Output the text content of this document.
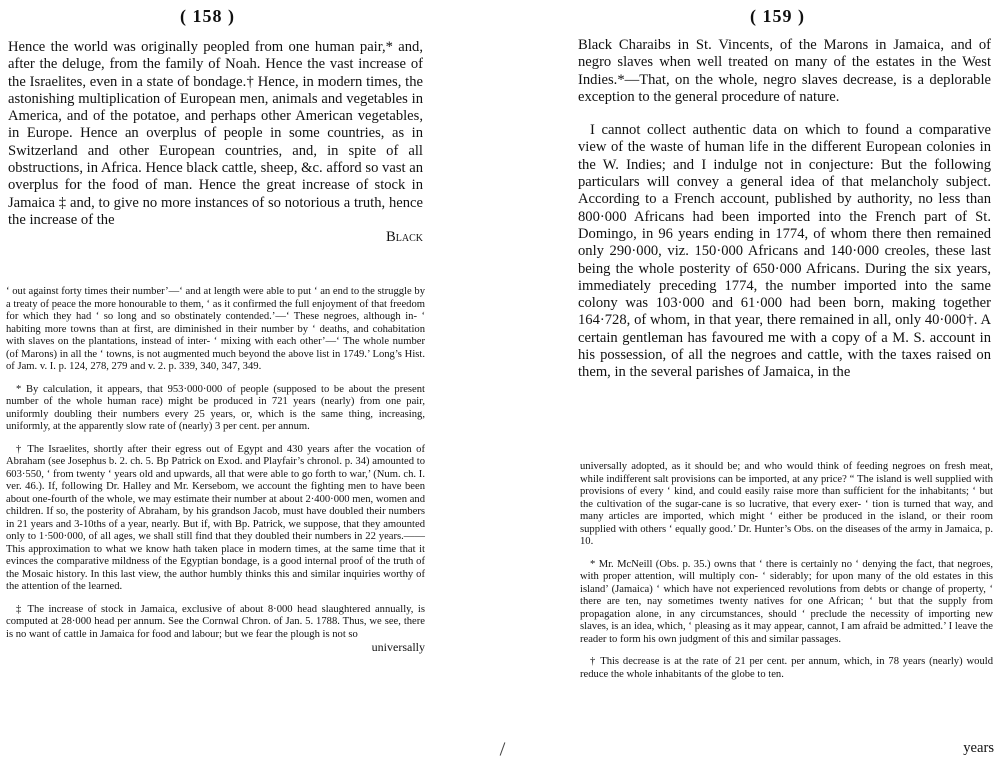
( 158 )

Hence the world was originally peopled from one human pair,* and, after the deluge, from the family of Noah. Hence the vast increase of the Israelites, even in a state of bondage.† Hence, in modern times, the astonishing multiplication of European men, animals and vegetables in America, and of the potatoe, and perhaps other American vegetables, in Europe. Hence an overplus of people in some countries, as in Switzerland and other European countries, and, in spite of all obstructions, in Africa. Hence black cattle, sheep, &c. afford so vast an overplus for the food of man. Hence the great increase of stock in Jamaica ‡ and, to give no more instances of so notorious a truth, hence the increase of the

Black

‘ out against forty times their number’—‘ and at length were able to put ‘ an end to the struggle by a treaty of peace the more honourable to them, ‘ as it confirmed the full enjoyment of that freedom for which they had ‘ so long and so obstinately contended.’—‘ These negroes, although in- ‘ habiting more towns than at first, are diminished in their number by ‘ deaths, and cohabitation with slaves on the plantations, instead of inter- ‘ mixing with each other’—‘ The whole number (of Marons) in all the ‘ towns, is not augmented much beyond the above list in 1749.’ Long’s Hist. of Jam. v. I. p. 124, 278, 279 and v. 2. p. 339, 340, 347, 349.

* By calculation, it appears, that 953·000·000 of people (supposed to be about the present number of the whole human race) might be produced in 721 years (nearly) from one pair, uniformly doubling their numbers every 25 years, or, which is the same thing, increasing, uniformly, at the apparently slow rate of (nearly) 3 per cent. per annum.

† The Israelites, shortly after their egress out of Egypt and 430 years after the vocation of Abraham (see Josephus b. 2. ch. 5. Bp Patrick on Exod. and Playfair’s chronol. p. 34) amounted to 603·550, ‘ from twenty ‘ years old and upwards, all that were able to go forth to war,’ (Num. ch. I. ver. 46.). If, following Dr. Halley and Mr. Kersebom, we account the fighting men to have been about one-fourth of the whole, we may estimate their number at about 2·400·000 men, women and children. If so, the posterity of Abraham, by his grandson Jacob, must have doubled their numbers in 21 years and 3-10ths of a year, nearly. But if, with Bp. Patrick, we suppose, that they amounted only to 1·500·000, of all ages, we shall still find that they doubled their numbers in 22 years.—— This approximation to what we know hath taken place in modern times, at the same time that it evinces the comparative mildness of the Egyptian bondage, is a good internal proof of the truth of the Mosaic history. In this last view, the author humbly thinks this and similar inquiries worthy of the attention of the learned.

‡ The increase of stock in Jamaica, exclusive of about 8·000 head slaughtered annually, is computed at 28·000 head per annum. See the Cornwal Chron. of Jan. 5. 1788. Thus, we see, there is no want of cattle in Jamaica for food and labour; but we fear the plough is not so

universally
( 159 )

Black Charaibs in St. Vincents, of the Marons in Jamaica, and of negro slaves when well treated on many of the estates in the West Indies.*—That, on the whole, negro slaves decrease, is a deplorable exception to the general procedure of nature.

I cannot collect authentic data on which to found a comparative view of the waste of human life in the different European colonies in the W. Indies; and I indulge not in conjecture: But the following particulars will convey a general idea of that melancholy subject. According to a French account, published by authority, no less than 800·000 Africans had been imported into the French part of St. Domingo, in 96 years ending in 1774, of whom there then remained only 290·000, viz. 150·000 Africans and 140·000 creoles, these last being the whole posterity of 650·000 Africans. During the six years, immediately preceding 1774, the number imported into the same colony was 103·000 and 61·000 had been born, making together 164·728, of whom, in that year, there remained in all, only 40·000†. A certain gentleman has favoured me with a copy of a M. S. account in his possession, of all the negroes and cattle, with the taxes raised on them, in the several parishes of Jamaica, in the

universally adopted, as it should be; and who would think of feeding negroes on fresh meat, while indifferent salt provisions can be imported, at any price? “ The island is well supplied with provisions of every ‘ kind, and could easily raise more than sufficient for the inhabitants; ‘ but the cultivation of the sugar-cane is so lucrative, that every exer- ‘ tion is turned that way, and many articles are imported, which might ‘ either be produced in the island, or their room supplied with others ‘ equally good.’ Dr. Hunter’s Obs. on the diseases of the army in Jamaica, p. 10.

* Mr. McNeill (Obs. p. 35.) owns that ‘ there is certainly no ‘ denying the fact, that negroes, with proper attention, will multiply con- ‘ siderably; for upon many of the old estates in this island’ (Jamaica) ‘ which have not experienced revolutions from debts or change of property, ‘ there are ten, nay sometimes twenty natives for one African; ‘ but that the supply from propagation alone, in any circumstances, should ‘ preclude the necessity of importing new slaves, is an idea, which, ‘ pleasing as it may appear, cannot, I am afraid be admitted.’ I leave the reader to form his own judgment of this and similar passages.

† This decrease is at the rate of 21 per cent. per annum, which, in 78 years (nearly) would reduce the whole inhabitants of the globe to ten.

years
